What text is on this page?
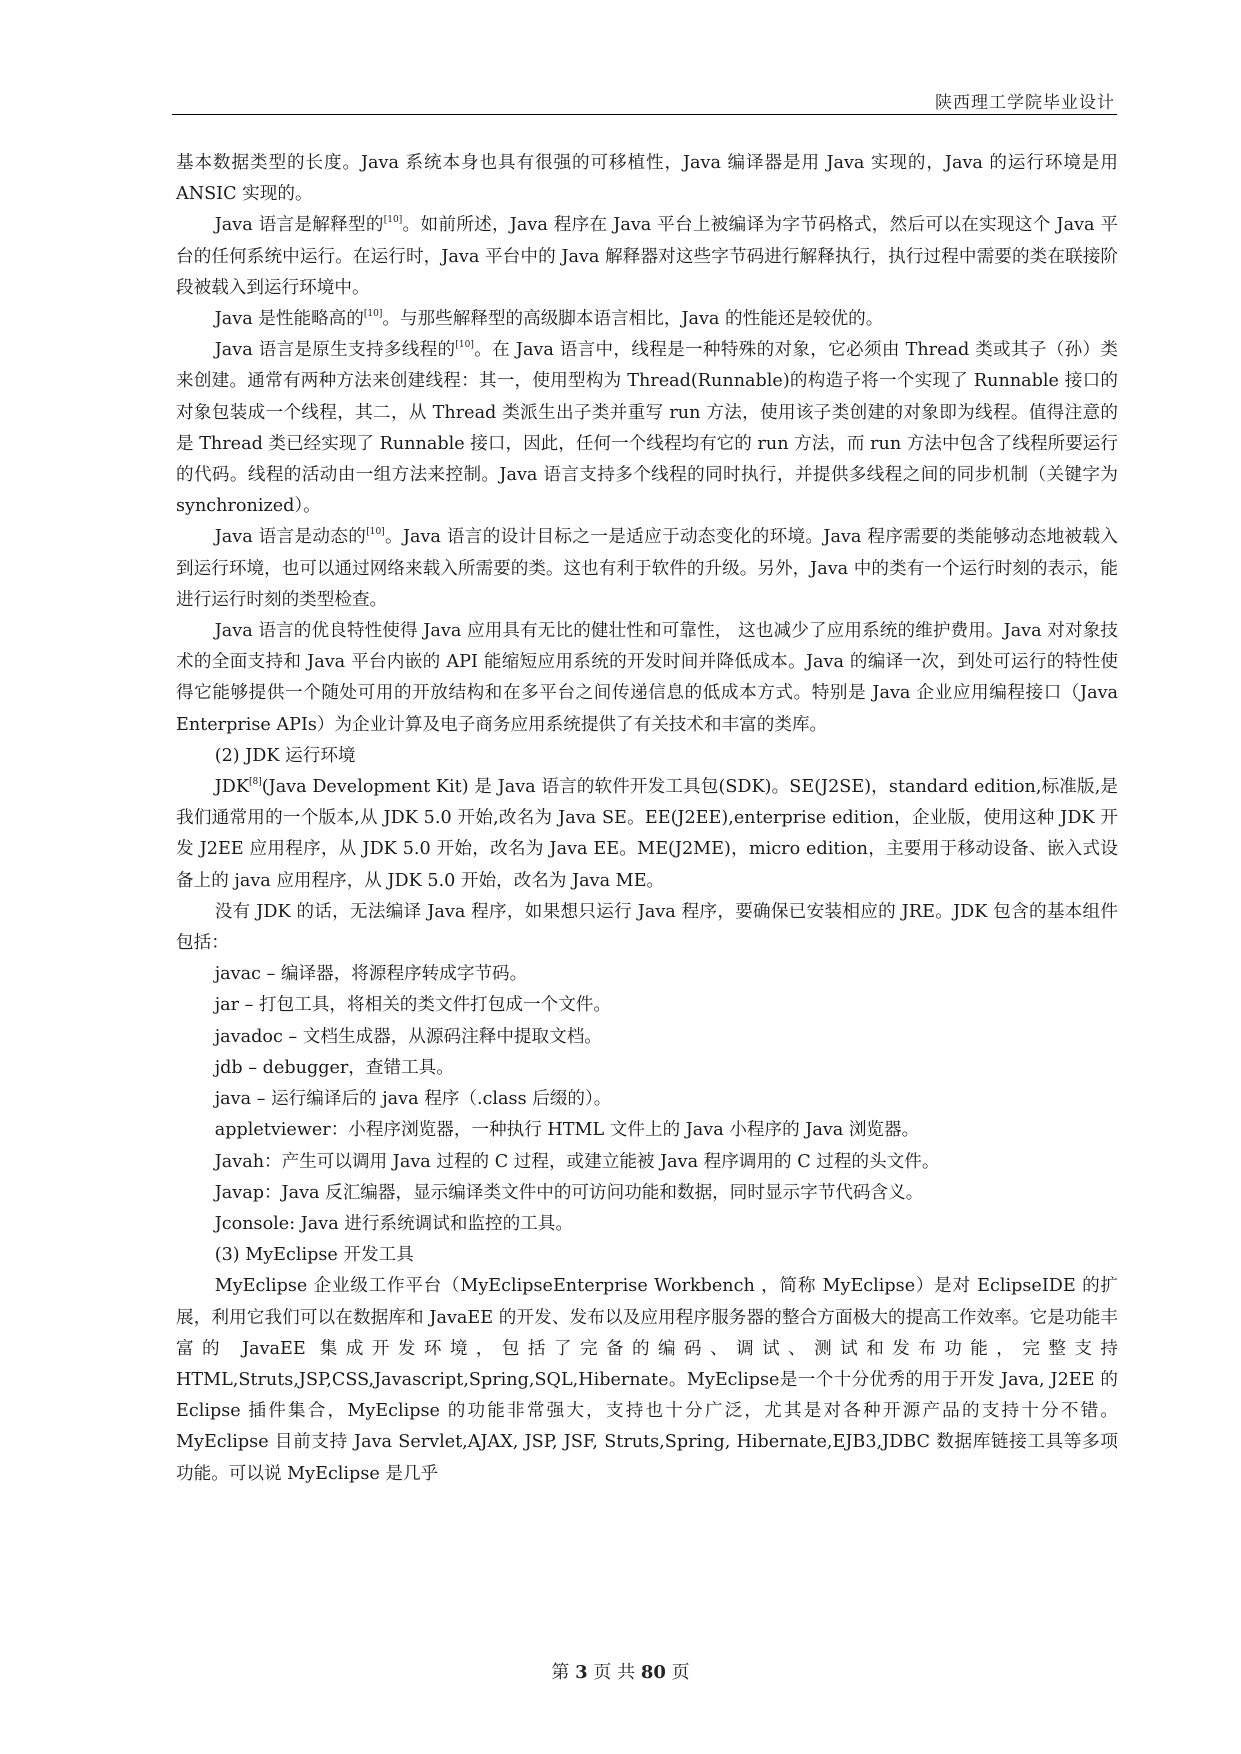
陕西理工学院毕业设计

基本数据类型的长度。Java 系统本身也具有很强的可移植性，Java 编译器是用 Java 实现的，Java 的运行环境是用 ANSIC 实现的。

Java 语言是解释型的[10]。如前所述，Java 程序在 Java 平台上被编译为字节码格式，然后可以在实现这个 Java 平台的任何系统中运行。在运行时，Java 平台中的 Java 解释器对这些字节码进行解释执行，执行过程中需要的类在联接阶段被载入到运行环境中。

Java 是性能略高的[10]。与那些解释型的高级脚本语言相比，Java 的性能还是较优的。

Java 语言是原生支持多线程的[10]。在 Java 语言中，线程是一种特殊的对象，它必须由 Thread 类或其子（孙）类来创建。通常有两种方法来创建线程：其一，使用型构为 Thread(Runnable)的构造子将一个实现了 Runnable 接口的对象包装成一个线程，其二，从 Thread 类派生出子类并重写 run 方法，使用该子类创建的对象即为线程。值得注意的是 Thread 类已经实现了 Runnable 接口，因此，任何一个线程均有它的 run 方法，而 run 方法中包含了线程所要运行的代码。线程的活动由一组方法来控制。Java 语言支持多个线程的同时执行，并提供多线程之间的同步机制（关键字为 synchronized）。

Java 语言是动态的[10]。Java 语言的设计目标之一是适应于动态变化的环境。Java 程序需要的类能够动态地被载入到运行环境，也可以通过网络来载入所需要的类。这也有利于软件的升级。另外，Java 中的类有一个运行时刻的表示，能进行运行时刻的类型检查。

Java 语言的优良特性使得 Java 应用具有无比的健壮性和可靠性， 这也减少了应用系统的维护费用。Java 对对象技术的全面支持和 Java 平台内嵌的 API 能缩短应用系统的开发时间并降低成本。Java 的编译一次，到处可运行的特性使得它能够提供一个随处可用的开放结构和在多平台之间传递信息的低成本方式。特别是 Java 企业应用编程接口（Java Enterprise APIs）为企业计算及电子商务应用系统提供了有关技术和丰富的类库。

(2) JDK 运行环境

JDK[8](Java Development Kit) 是 Java 语言的软件开发工具包(SDK)。SE(J2SE)，standard edition,标准版,是我们通常用的一个版本,从 JDK 5.0 开始,改名为 Java SE。EE(J2EE),enterprise edition，企业版，使用这种 JDK 开发 J2EE 应用程序，从 JDK 5.0 开始，改名为 Java EE。ME(J2ME)，micro edition，主要用于移动设备、嵌入式设备上的 java 应用程序，从 JDK 5.0 开始，改名为 Java ME。

没有 JDK 的话，无法编译 Java 程序，如果想只运行 Java 程序，要确保已安装相应的 JRE。JDK 包含的基本组件包括：

javac – 编译器，将源程序转成字节码。

jar – 打包工具，将相关的类文件打包成一个文件。

javadoc – 文档生成器，从源码注释中提取文档。

jdb – debugger，查错工具。

java – 运行编译后的 java 程序（.class 后缀的）。

appletviewer：小程序浏览器，一种执行 HTML 文件上的 Java 小程序的 Java 浏览器。

Javah：产生可以调用 Java 过程的 C 过程，或建立能被 Java 程序调用的 C 过程的头文件。

Javap：Java 反汇编器，显示编译类文件中的可访问功能和数据，同时显示字节代码含义。

Jconsole: Java 进行系统调试和监控的工具。

(3) MyEclipse 开发工具

MyEclipse 企业级工作平台（MyEclipseEnterprise Workbench ，简称 MyEclipse）是对 EclipseIDE 的扩展，利用它我们可以在数据库和 JavaEE 的开发、发布以及应用程序服务器的整合方面极大的提高工作效率。它是功能丰富的 JavaEE 集成开发环境，包括了完备的编码、调试、测试和发布功能，完整支持 HTML,Struts,JSP,CSS,Javascript,Spring,SQL,Hibernate。MyEclipse是一个十分优秀的用于开发 Java, J2EE 的 Eclipse 插件集合，MyEclipse 的功能非常强大，支持也十分广泛，尤其是对各种开源产品的支持十分不错。MyEclipse 目前支持 Java Servlet,AJAX, JSP, JSF, Struts,Spring, Hibernate,EJB3,JDBC 数据库链接工具等多项功能。可以说 MyEclipse 是几乎

第 3 页 共 80 页
